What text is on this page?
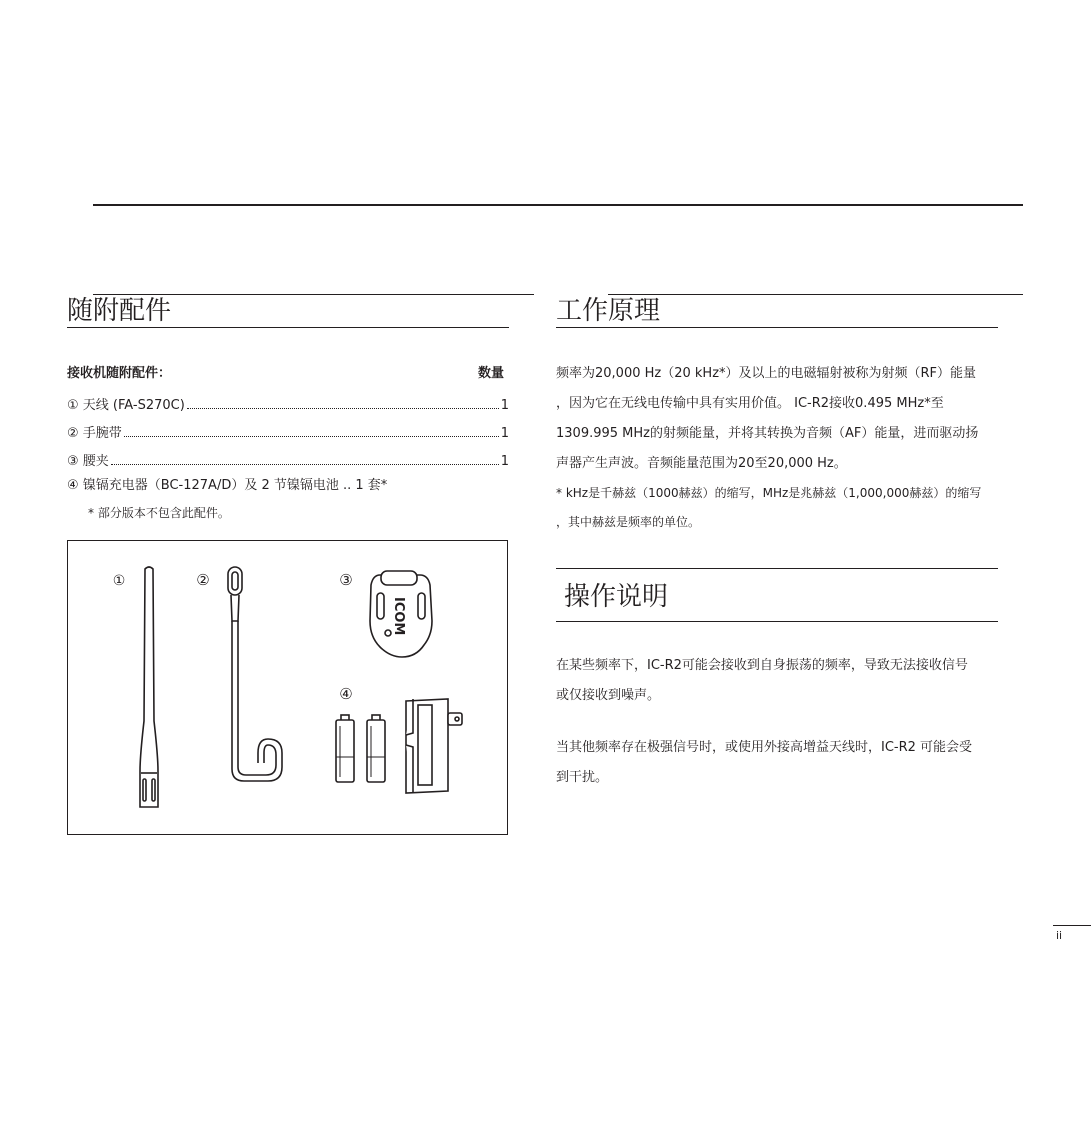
随附配件
接收机随附配件：	数量
① 天线 (FA-S270C)	1
② 手腕带	1
③ 腰夹	1
④ 镍镉充电器（BC-127A/D）及 2 节镍镉电池 .. 1 套*
* 部分版本不包含此配件。
①	②	③
④
ICOM
工作原理
频率为20,000 Hz（20 kHz*）及以上的电磁辐射被称为射频（RF）能量
，因为它在无线电传输中具有实用价值。 IC-R2接收0.495 MHz*至
1309.995 MHz的射频能量，并将其转换为音频（AF）能量，进而驱动扬
声器产生声波。音频能量范围为20至20,000 Hz。
* kHz是千赫兹（1000赫兹）的缩写，MHz是兆赫兹（1,000,000赫兹）的缩写
，其中赫兹是频率的单位。
操作说明
在某些频率下，IC-R2可能会接收到自身振荡的频率，导致无法接收信号
或仅接收到噪声。
当其他频率存在极强信号时，或使用外接高增益天线时，IC-R2 可能会受
到干扰。
ii
